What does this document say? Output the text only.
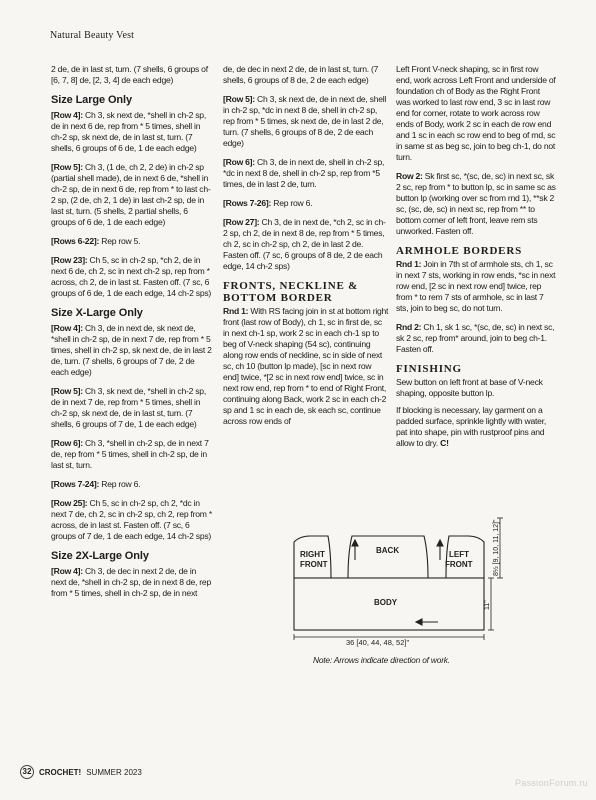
Natural Beauty Vest

2 de, de in last st, turn. (7 shells, 6 groups of [6, 7, 8] de, [2, 3, 4] de each edge)

Size Large Only

[Row 4]: Ch 3, sk next de, *shell in ch-2 sp, de in next 6 de, rep from * 5 times, shell in ch-2 sp, sk next de, de in last st, turn. (7 shells, 6 groups of 6 de, 1 de each edge)

[Row 5]: Ch 3, (1 de, ch 2, 2 de) in ch-2 sp (partial shell made), de in next 6 de, *shell in ch-2 sp, de in next 6 de, rep from * to last ch-2 sp, (2 de, ch 2, 1 de) in last ch-2 sp, de in last st, turn. (5 shells, 2 partial shells, 6 groups of 6 de, 1 de each edge)

[Rows 6-22]: Rep row 5.

[Row 23]: Ch 5, sc in ch-2 sp, *ch 2, de in next 6 de, ch 2, sc in next ch-2 sp, rep from * across, ch 2, de in last st. Fasten off. (7 sc, 6 groups of 6 de, 1 de each edge, 14 ch-2 sps)

Size X-Large Only

[Row 4]: Ch 3, de in next de, sk next de, *shell in ch-2 sp, de in next 7 de, rep from * 5 times, shell in ch-2 sp, sk next de, de in last 2 de, turn. (7 shells, 6 groups of 7 de, 2 de each edge)

[Row 5]: Ch 3, sk next de, *shell in ch-2 sp, de in next 7 de, rep from * 5 times, shell in ch-2 sp, sk next de, de in last st, turn. (7 shells, 6 groups of 7 de, 1 de each edge)

[Row 6]: Ch 3, *shell in ch-2 sp, de in next 7 de, rep from * 5 times, shell in ch-2 sp, de in last st, turn.

[Rows 7-24]: Rep row 6.

[Row 25]: Ch 5, sc in ch-2 sp, ch 2, *dc in next 7 de, ch 2, sc in ch-2 sp, ch 2, rep from * across, de in last st. Fasten off. (7 sc, 6 groups of 7 de, 1 de each edge, 14 ch-2 sps)

Size 2X-Large Only

[Row 4]: Ch 3, de dec in next 2 de, de in next de, *shell in ch-2 sp, de in next 8 de, rep from * 5 times, shell in ch-2 sp, de in next

de, de dec in next 2 de, de in last st, turn. (7 shells, 6 groups of 8 de, 2 de each edge)

[Row 5]: Ch 3, sk next de, de in next de, shell in ch-2 sp, *dc in next 8 de, shell in ch-2 sp, rep from * 5 times, sk next de, de in last 2 de, turn. (7 shells, 6 groups of 8 de, 2 de each edge)

[Row 6]: Ch 3, de in next de, shell in ch-2 sp, *dc in next 8 de, shell in ch-2 sp, rep from *5 times, de in last 2 de, turn.

[Rows 7-26]: Rep row 6.

[Row 27]: Ch 3, de in next de, *ch 2, sc in ch-2 sp, ch 2, de in next 8 de, rep from * 5 times, ch 2, sc in ch-2 sp, ch 2, de in last 2 de. Fasten off. (7 sc, 6 groups of 8 de, 2 de each edge, 14 ch-2 sps)

FRONTS, NECKLINE & BOTTOM BORDER

Rnd 1: With RS facing join in st at bottom right front (last row of Body), ch 1, sc in first de, sc in next ch-1 sp, work 2 sc in each ch-1 sp to beg of V-neck shaping (54 sc), continuing along row ends of neckline, sc in side of next sc, ch 10 (button lp made), [sc in next row end] twice, *[2 sc in next row end] twice, sc in next row end, rep from * to end of Right Front, continuing along Back, work 2 sc in each ch-2 sp and 1 sc in each de, sk each sc, continue across row ends of

Left Front V-neck shaping, sc in first row end, work across Left Front and underside of foundation ch of Body as the Right Front was worked to last row end, 3 sc in last row end for corner, rotate to work across row ends of Body, work 2 sc in each de row end and 1 sc in each sc row end to beg of rnd, sc in same st as beg sc, join to beg ch-1, do not turn.

Row 2: Sk first sc, *(sc, de, sc) in next sc, sk 2 sc, rep from * to button lp, sc in same sc as button lp (working over sc from rnd 1), **sk 2 sc, (sc, de, sc) in next sc, rep from ** to bottom corner of left front, leave rem sts unworked. Fasten off.

ARMHOLE BORDERS

Rnd 1: Join in 7th st of armhole sts, ch 1, sc in next 7 sts, working in row ends, *sc in next row end, [2 sc in next row end] twice, rep from * to rem 7 sts of armhole, sc in last 7 sts, join to beg sc, do not turn.

Rnd 2: Ch 1, sk 1 sc, *(sc, de, sc) in next sc, sk 2 sc, rep from* around, join to beg ch-1. Fasten off.

FINISHING

Sew button on left front at base of V-neck shaping, opposite button lp.

If blocking is necessary, lay garment on a padded surface, sprinkle lightly with water, pat into shape, pin with rustproof pins and allow to dry. C!

RIGHT
FRONT
BACK	LEFT
FRONT
BODY
36 [40, 44, 48, 52]"
11"
8½ [9, 10, 11, 12]"
Note: Arrows indicate direction of work.
32 CROCHET! SUMMER 2023
PassionForum.ru
